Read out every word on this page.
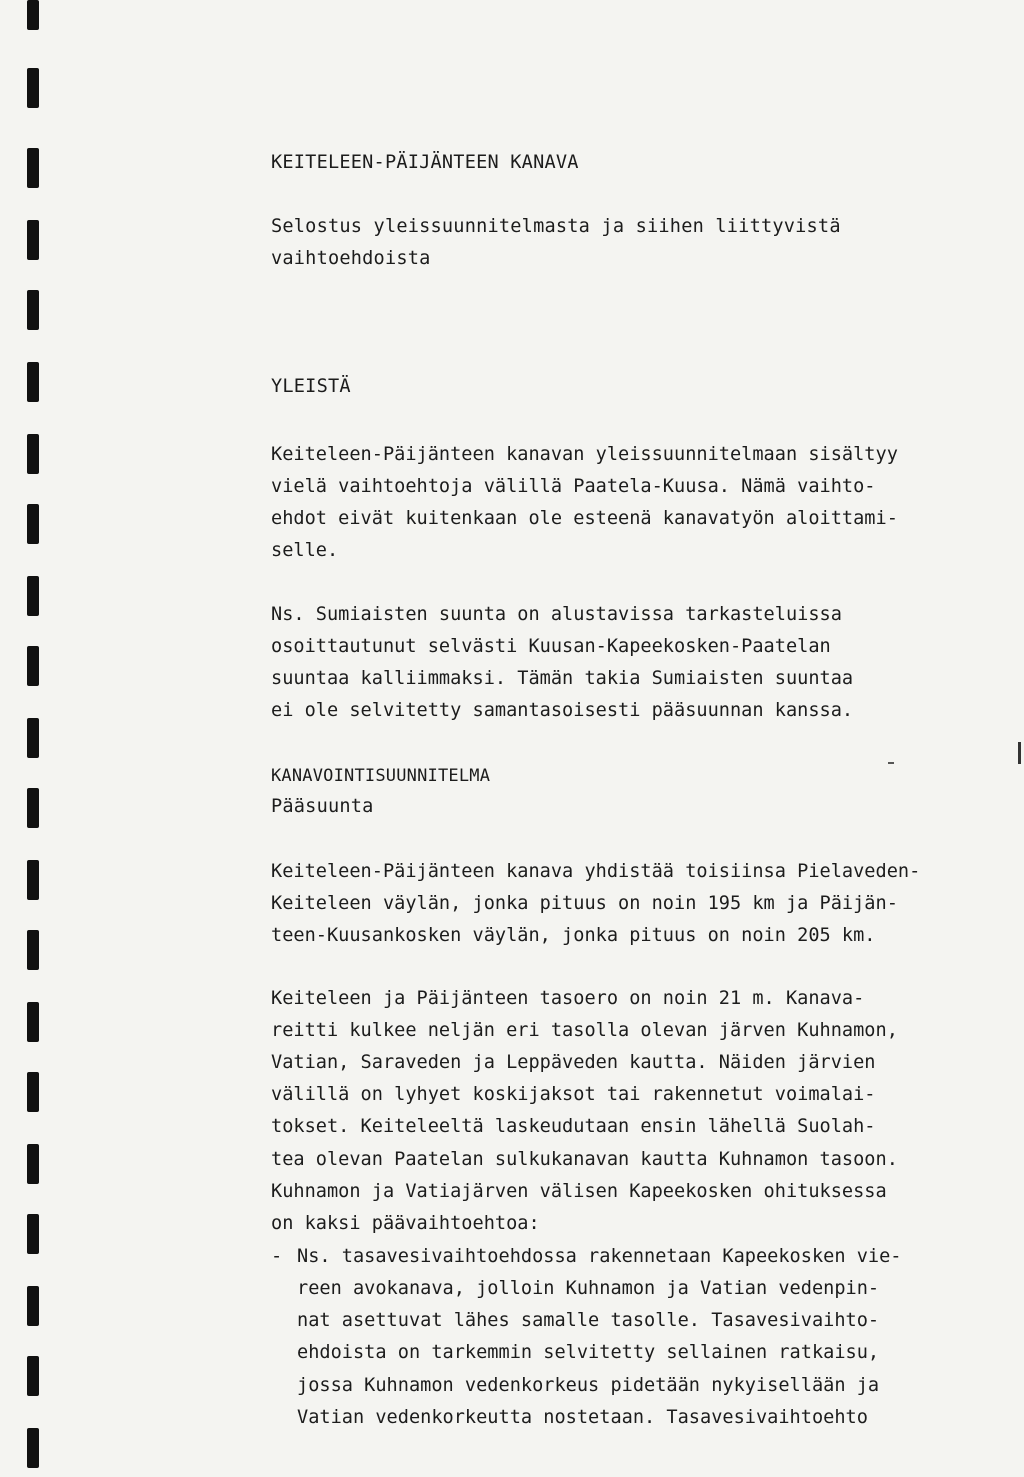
KEITELEEN-PÄIJÄNTEEN KANAVA
Selostus yleissuunnitelmasta ja siihen liittyvistä
vaihtoehdoista
YLEISTÄ
Keiteleen-Päijänteen kanavan yleissuunnitelmaan sisältyy
vielä vaihtoehtoja välillä Paatela-Kuusa. Nämä vaihto-
ehdot eivät kuitenkaan ole esteenä kanavatyön aloittami-
selle.
Ns. Sumiaisten suunta on alustavissa tarkasteluissa
osoittautunut selvästi Kuusan-Kapeekosken-Paatelan
suuntaa kalliimmaksi. Tämän takia Sumiaisten suuntaa
ei ole selvitetty samantasoisesti pääsuunnan kanssa.
KANAVOINTISUUNNITELMA
Pääsuunta
Keiteleen-Päijänteen kanava yhdistää toisiinsa Pielaveden-
Keiteleen väylän, jonka pituus on noin 195 km ja Päijän-
teen-Kuusankosken väylän, jonka pituus on noin 205 km.
Keiteleen ja Päijänteen tasoero on noin 21 m. Kanava-
reitti kulkee neljän eri tasolla olevan järven Kuhnamon,
Vatian, Saraveden ja Leppäveden kautta. Näiden järvien
välillä on lyhyet koskijaksot tai rakennetut voimalai-
tokset. Keiteleeltä laskeudutaan ensin lähellä Suolah-
tea olevan Paatelan sulkukanavan kautta Kuhnamon tasoon.
Kuhnamon ja Vatiajärven välisen Kapeekosken ohituksessa
on kaksi päävaihtoehtoa:
- Ns. tasavesivaihtoehdossa rakennetaan Kapeekosken vie-
reen avokanava, jolloin Kuhnamon ja Vatian vedenpin-
nat asettuvat lähes samalle tasolle. Tasavesivaihto-
ehdoista on tarkemmin selvitetty sellainen ratkaisu,
jossa Kuhnamon vedenkorkeus pidetään nykyisellään ja
Vatian vedenkorkeutta nostetaan. Tasavesivaihtoehto
